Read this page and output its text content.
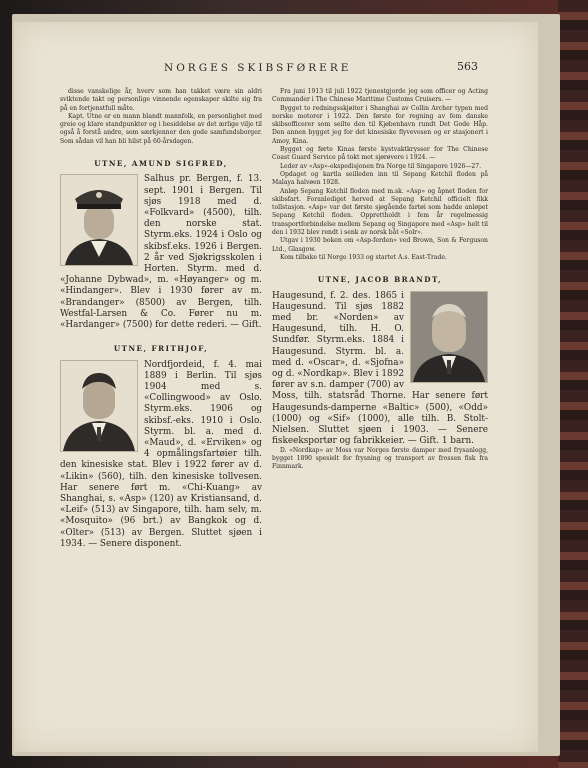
NORGES SKIBSFØRERE	563

disse vanskelige år, hverv som han takket være sin aldri sviktende takt og personlige vinnende egenskaper skilte sig fra på en fortjenstfull måte.

Kapt. Utne er en mann blandt mannfolk, en personlighet med greie og klare standpunkter og i besiddelse av det ærlige vilje til også å forstå andre, som særkjenner den gode samfundsborger. Som sådan vil han bli hilst på 60-årsdagen.

UTNE, AMUND SIGFRED,
Salhus pr. Bergen, f. 13. sept. 1901 i Bergen. Til sjøs 1918 med d. «Folkvard» (4500), tilh. den norske stat. Styrm.eks. 1924 i Oslo og skibsf.eks. 1926 i Bergen. 2 år ved Sjøkrigsskolen i Horten. Styrm. med d. «Johanne Dybwad», m. «Høyanger» og m. «Hindanger». Blev i 1930 fører av m. «Brandanger» (8500) av Bergen, tilh. Westfal-Larsen & Co. Fører nu m. «Hardanger» (7500) for dette rederi. — Gift.
UTNE, FRITHJOF,
Nordfjordeid, f. 4. mai 1889 i Berlin. Til sjøs 1904 med s. «Collingwood» av Oslo. Styrm.eks. 1906 og skibsf.-eks. 1910 i Oslo. Styrm. bl. a. med d. «Maud», d. «Erviken» og 4 opmålingsfartøier tilh. den kinesiske stat. Blev i 1922 fører av d. «Likin» (560), tilh. den kinesiske tollvesen. Har senere ført m. «Chi-Kuang» av Shanghai, s. «Asp» (120) av Kristiansand, d. «Leif» (513) av Singapore, tilh. ham selv, m. «Mosquito» (96 brt.) av Bangkok og d. «Olter» (513) av Bergen. Sluttet sjøen i 1934. — Senere disponent.

Fra juni 1913 til juli 1922 tjenestgjorde jeg som officer og Acting Commander i The Chinese Maritime Customs Cruisers. —

Bygget to redningsskjøiter i Shanghai av Collin Archer typen med norske motorer i 1922. Den første for regning av fem danske skibsofficerer som seilte den til Kjøbenhavn rundt Det Gode Håp. Den annen bygget jeg for det kinesiske flyvevesen og er stasjonert i Amoy, Kina.

Bygget og førte Kinas første kystvaktkrysser for The Chinese Coast Guard Service på tokt mot sjørøvere i 1924. —

Leder av «Asp»-ekspedisjonen fra Norge til Singapore 1926—27.

Opdaget og kartla seilleden inn til Sepang Ketchil floden på Malaya halvøen 1928.

Anløp Sepang Ketchil floden med m.sk. «Asp» og åpnet floden for skibsfart. Foranlediget herved at Sepang Ketchil officielt fikk tollstasjon. «Asp» var det første sjøgående fartøi som hadde anløpet Sepang Ketchil floden. Opprettholdt i fem år regelmessig transportforbindelse mellem Sepang og Singapore med «Asp» helt til den i 1932 blev rendt i senk av norsk båt «Solr».

Utgav i 1930 boken om «Asp-ferden» ved Brown, Son & Ferguson Ltd., Glasgow.

Kom tilbake til Norge 1933 og startet A.s. East-Trade.

UTNE, JACOB BRANDT,
Haugesund, f. 2. des. 1865 i Haugesund. Til sjøs 1882 med br. «Norden» av Haugesund, tilh. H. O. Sundfør. Styrm.eks. 1884 i Haugesund. Styrm. bl. a. med d. «Oscar», d. «Sjofna» og d. «Nordkap». Blev i 1892 fører av s.n. damper (700) av Moss, tilh. statsråd Thorne. Har senere ført Haugesunds-damperne «Baltic» (500), «Odd» (1000) og «Sif» (1000), alle tilh. B. Stolt-Nielsen. Sluttet sjøen i 1903. — Senere fiskeeksportør og fabrikkeier. — Gift. 1 barn.

D. «Nordkap» av Moss var Norges første damper med frysanlegg, bygget 1890 spesielt for frysning og transport av frossen fisk fra Finnmark.
